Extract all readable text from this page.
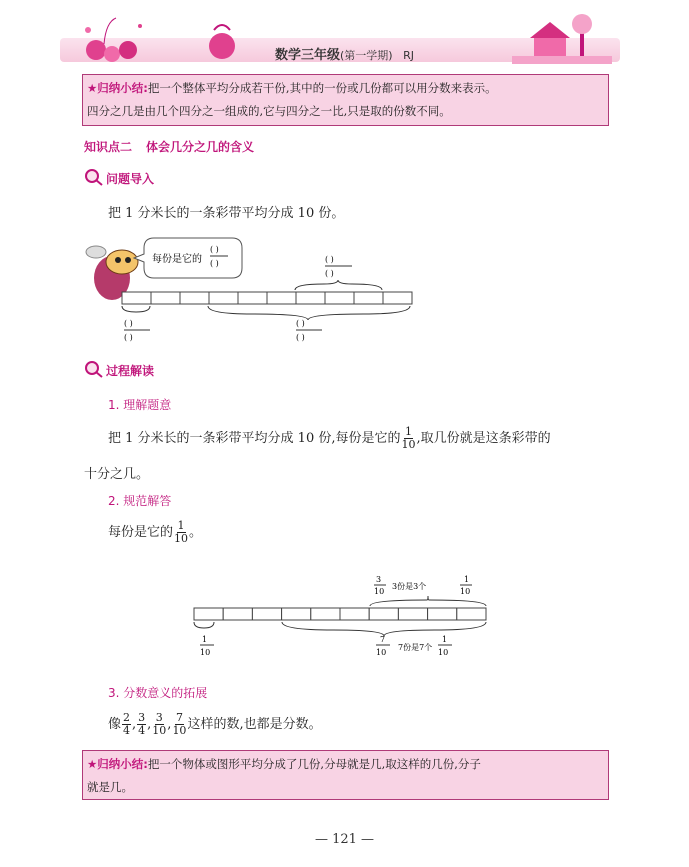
数学三年级(第一学期) RJ
★归纳小结:把一个整体平均分成若干份,其中的一份或几份都可以用分数来表示。
四分之几是由几个四分之一组成的,它与四分之一比,只是取的份数不同。
知识点二 体会几分之几的含义
问题导入
把 1 分米长的一条彩带平均分成 10 份。
每份是它的
( )
( )	( )
( )
( )
( )
( )
( )
过程解读
1. 理解题意
把 1 分米长的一条彩带平均分成 10 份,每份是它的 $\frac{1}{10}$ ,取几份就是这条彩带的
十分之几。
2. 规范解答
每份是它的 $\frac{1}{10}$ 。
3
10
3份是3个
1
10
1
10
7
10
7份是7个
1
10
3. 分数意义的拓展
像 $\frac{2}{4}$ , $\frac{3}{4}$ , $\frac{3}{10}$ , $\frac{7}{10}$ 这样的数,也都是分数。
★归纳小结:把一个物体或图形平均分成了几份,分母就是几,取这样的几份,分子
就是几。
— 121 —
